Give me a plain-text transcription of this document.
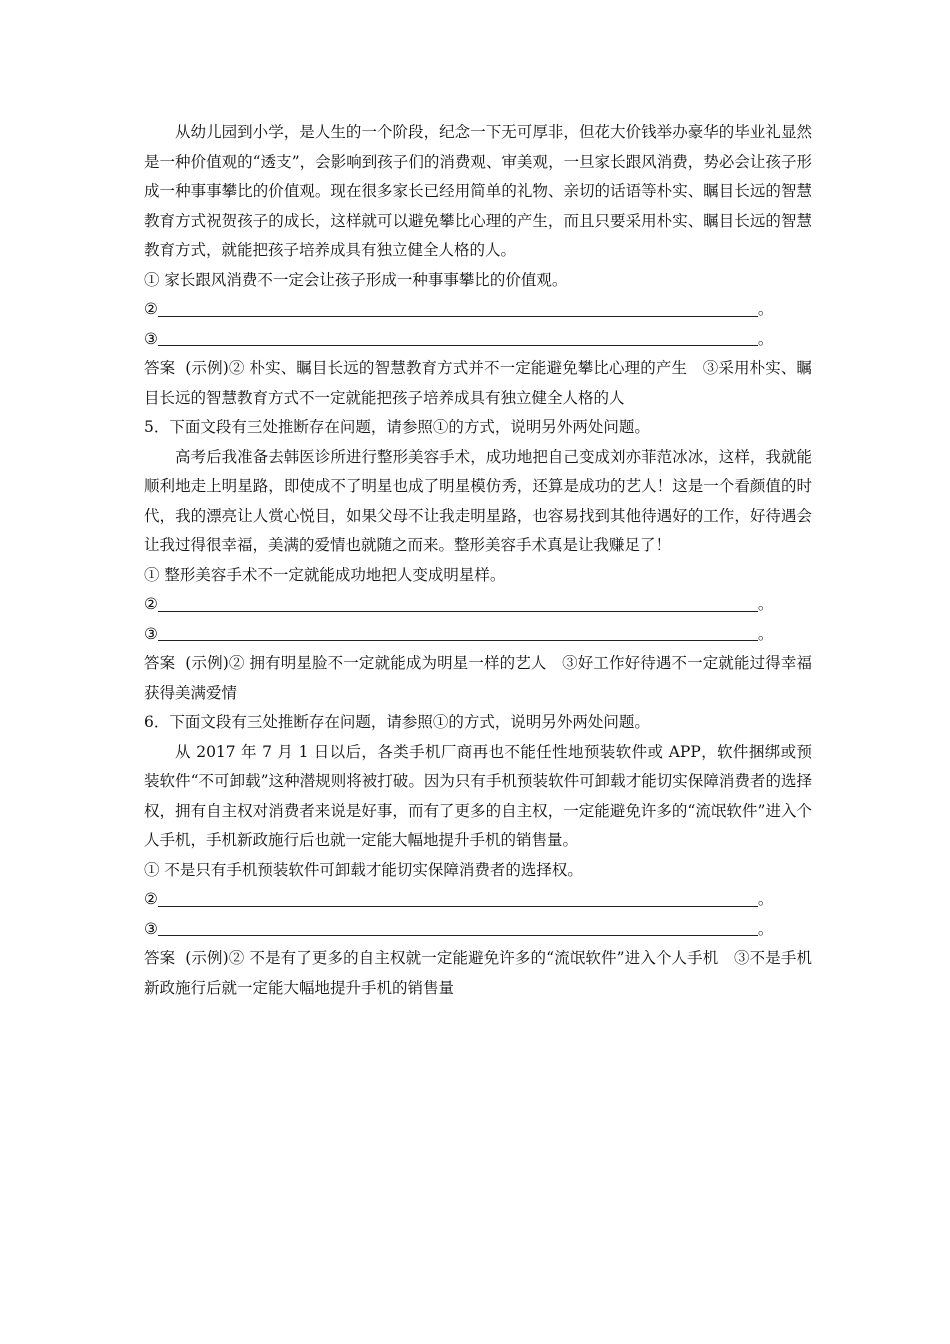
从幼儿园到小学，是人生的一个阶段，纪念一下无可厚非，但花大价钱举办豪华的毕业礼显然是一种价值观的“透支”，会影响到孩子们的消费观、审美观，一旦家长跟风消费，势必会让孩子形成一种事事攀比的价值观。现在很多家长已经用简单的礼物、亲切的话语等朴实、瞩目长远的智慧教育方式祝贺孩子的成长，这样就可以避免攀比心理的产生，而且只要采用朴实、瞩目长远的智慧教育方式，就能把孩子培养成具有独立健全人格的人。

① 家长跟风消费不一定会让孩子形成一种事事攀比的价值观。

②	。
③	。

答案 (示例)② 朴实、瞩目长远的智慧教育方式并不一定能避免攀比心理的产生　③采用朴实、瞩目长远的智慧教育方式不一定就能把孩子培养成具有独立健全人格的人

5．下面文段有三处推断存在问题，请参照①的方式，说明另外两处问题。

高考后我准备去韩医诊所进行整形美容手术，成功地把自己变成刘亦菲范冰冰，这样，我就能顺利地走上明星路，即使成不了明星也成了明星模仿秀，还算是成功的艺人！这是一个看颜值的时代，我的漂亮让人赏心悦目，如果父母不让我走明星路，也容易找到其他待遇好的工作，好待遇会让我过得很幸福，美满的爱情也就随之而来。整形美容手术真是让我赚足了！

① 整形美容手术不一定就能成功地把人变成明星样。

②	。
③	。

答案 (示例)② 拥有明星脸不一定就能成为明星一样的艺人　③好工作好待遇不一定就能过得幸福获得美满爱情

6．下面文段有三处推断存在问题，请参照①的方式，说明另外两处问题。

从 2017 年 7 月 1 日以后，各类手机厂商再也不能任性地预装软件或 APP，软件捆绑或预装软件“不可卸载”这种潜规则将被打破。因为只有手机预装软件可卸载才能切实保障消费者的选择权，拥有自主权对消费者来说是好事，而有了更多的自主权，一定能避免许多的“流氓软件”进入个人手机，手机新政施行后也就一定能大幅地提升手机的销售量。

① 不是只有手机预装软件可卸载才能切实保障消费者的选择权。

②	。
③	。

答案 (示例)② 不是有了更多的自主权就一定能避免许多的“流氓软件”进入个人手机　③不是手机新政施行后就一定能大幅地提升手机的销售量
